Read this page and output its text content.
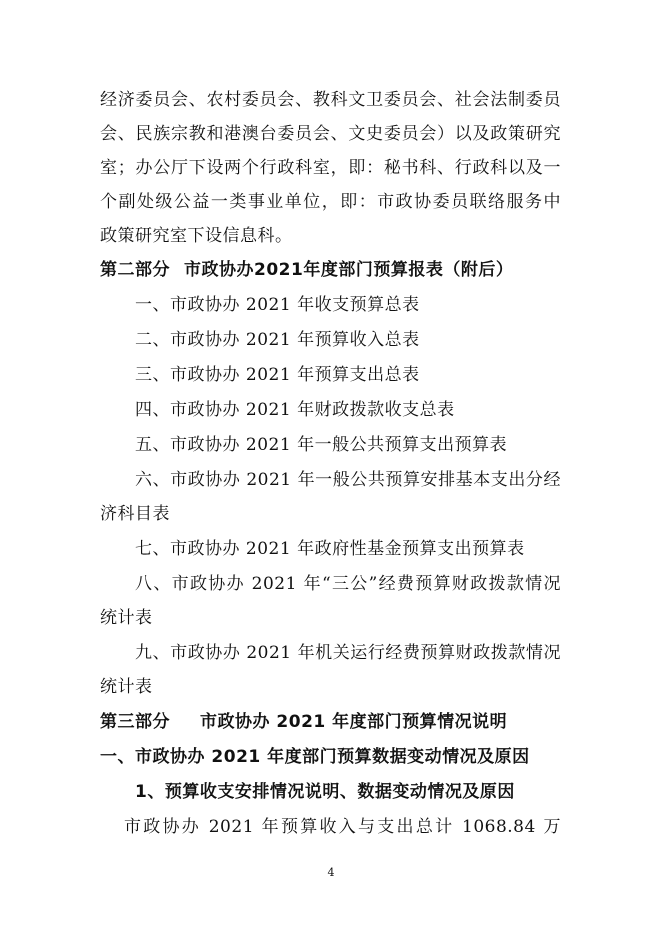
经济委员会、农村委员会、教科文卫委员会、社会法制委员
会、民族宗教和港澳台委员会、文史委员会）以及政策研究
室；办公厅下设两个行政科室，即：秘书科、行政科以及一
个副处级公益一类事业单位，即：市政协委员联络服务中
政策研究室下设信息科。
第二部分 市政协办2021年度部门预算报表（附后）
一、市政协办 2021 年收支预算总表
二、市政协办 2021 年预算收入总表
三、市政协办 2021 年预算支出总表
四、市政协办 2021 年财政拨款收支总表
五、市政协办 2021 年一般公共预算支出预算表
六、市政协办 2021 年一般公共预算安排基本支出分经
济科目表
七、市政协办 2021 年政府性基金预算支出预算表
八、市政协办 2021 年“三公”经费预算财政拨款情况
统计表
九、市政协办 2021 年机关运行经费预算财政拨款情况
统计表
第三部分 市政协办 2021 年度部门预算情况说明
一、市政协办 2021 年度部门预算数据变动情况及原因
1、预算收支安排情况说明、数据变动情况及原因
市政协办 2021 年预算收入与支出总计 1068.84 万
4
